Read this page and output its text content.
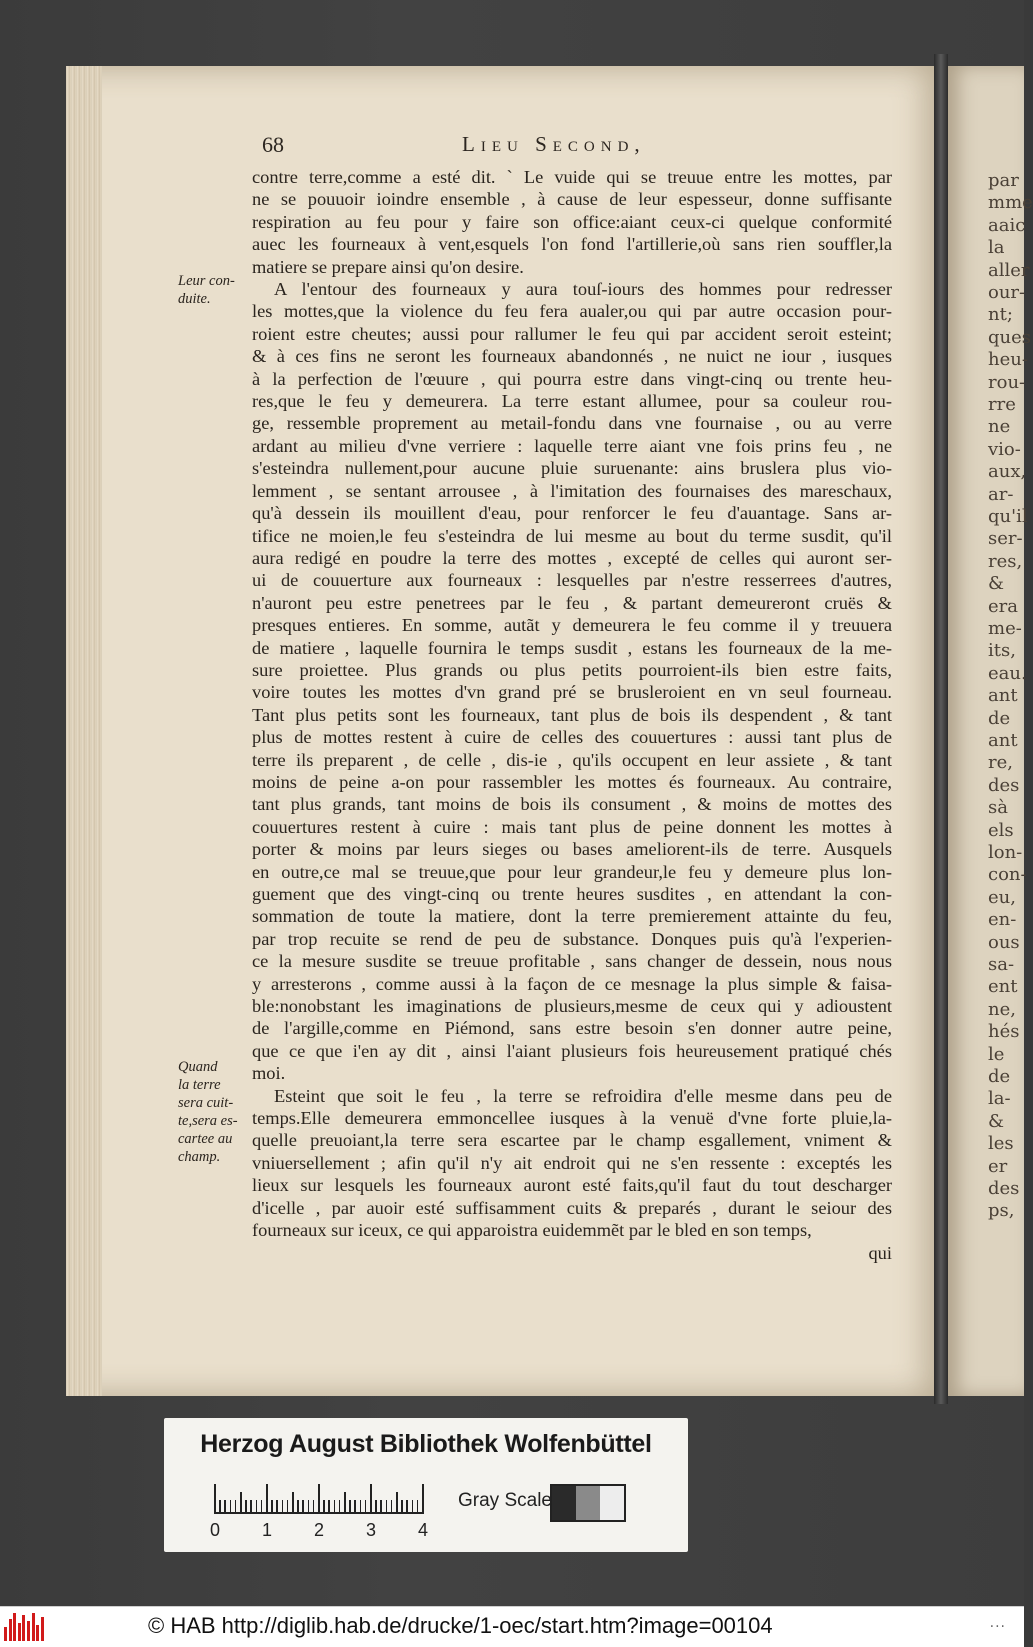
par
mme
aaic
la
aller
our-
nt;
ques
heu-
rou-
rre
ne
vio-
aux,
ar-
qu'il
ser-
res,
&
era
me-
its,
eau.
ant
de
ant
re,
des
sà
els
lon-
con-
eu,
en-
ous
sa-
ent
ne,
hés
le
de
la-
&
les
er
des
ps,
68	Lieu Second,
contre terre,comme a esté dit. ` Le vuide qui se treuue entre les mottes, par
ne se pouuoir ioindre ensemble , à cause de leur espesseur, donne suffisante
respiration au feu pour y faire son office:aiant ceux-ci quelque conformité
auec les fourneaux à vent,esquels l'on fond l'artillerie,où sans rien souffler,la
matiere se prepare ainsi qu'on desire.
A l'entour des fourneaux y aura touſ-iours des hommes pour redresser
les mottes,que la violence du feu fera aualer,ou qui par autre occasion pour-
roient estre cheutes; aussi pour rallumer le feu qui par accident seroit esteint;
& à ces fins ne seront les fourneaux abandonnés , ne nuict ne iour , iusques
à la perfection de l'œuure , qui pourra estre dans vingt-cinq ou trente heu-
res,que le feu y demeurera. La terre estant allumee, pour sa couleur rou-
ge, ressemble proprement au metail-fondu dans vne fournaise , ou au verre
ardant au milieu d'vne verriere : laquelle terre aiant vne fois prins feu , ne
s'esteindra nullement,pour aucune pluie suruenante: ains bruslera plus vio-
lemment , se sentant arrousee , à l'imitation des fournaises des mareschaux,
qu'à dessein ils mouillent d'eau, pour renforcer le feu d'auantage. Sans ar-
tifice ne moien,le feu s'esteindra de lui mesme au bout du terme susdit, qu'il
aura redigé en poudre la terre des mottes , excepté de celles qui auront ser-
ui de couuerture aux fourneaux : lesquelles par n'estre resserrees d'autres,
n'auront peu estre penetrees par le feu , & partant demeureront cruës &
presques entieres. En somme, autãt y demeurera le feu comme il y treuuera
de matiere , laquelle fournira le temps susdit , estans les fourneaux de la me-
sure proiettee. Plus grands ou plus petits pourroient-ils bien estre faits,
voire toutes les mottes d'vn grand pré se brusleroient en vn seul fourneau.
Tant plus petits sont les fourneaux, tant plus de bois ils despendent , & tant
plus de mottes restent à cuire de celles des couuertures : aussi tant plus de
terre ils preparent , de celle , dis-ie , qu'ils occupent en leur assiete , & tant
moins de peine a-on pour rassembler les mottes és fourneaux. Au contraire,
tant plus grands, tant moins de bois ils consument , & moins de mottes des
couuertures restent à cuire : mais tant plus de peine donnent les mottes à
porter & moins par leurs sieges ou bases ameliorent-ils de terre. Ausquels
en outre,ce mal se treuue,que pour leur grandeur,le feu y demeure plus lon-
guement que des vingt-cinq ou trente heures susdites , en attendant la con-
sommation de toute la matiere, dont la terre premierement attainte du feu,
par trop recuite se rend de peu de substance. Donques puis qu'à l'experien-
ce la mesure susdite se treuue profitable , sans changer de dessein, nous nous
y arresterons , comme aussi à la façon de ce mesnage la plus simple & faisa-
ble:nonobstant les imaginations de plusieurs,mesme de ceux qui y adioustent
de l'argille,comme en Piémond, sans estre besoin s'en donner autre peine,
que ce que i'en ay dit , ainsi l'aiant plusieurs fois heureusement pratiqué chés
moi.
Esteint que soit le feu , la terre se refroidira d'elle mesme dans peu de
temps.Elle demeurera emmoncellee iusques à la venuë d'vne forte pluie,la-
quelle preuoiant,la terre sera escartee par le champ esgallement, vniment &
vniuersellement ; afin qu'il n'y ait endroit qui ne s'en ressente : exceptés les
lieux sur lesquels les fourneaux auront esté faits,qu'il faut du tout descharger
d'icelle , par auoir esté suffisamment cuits & preparés , durant le seiour des
fourneaux sur iceux, ce qui apparoistra euidemmẽt par le bled en son temps,
qui
Leur con-
duite.
Quand
la terre
sera cuit-
te,sera es-
cartee au
champ.
Herzog August Bibliothek Wolfenbüttel
0 1 2 3 4
Gray Scale
© HAB http://diglib.hab.de/drucke/1-oec/start.htm?image=00104	...
